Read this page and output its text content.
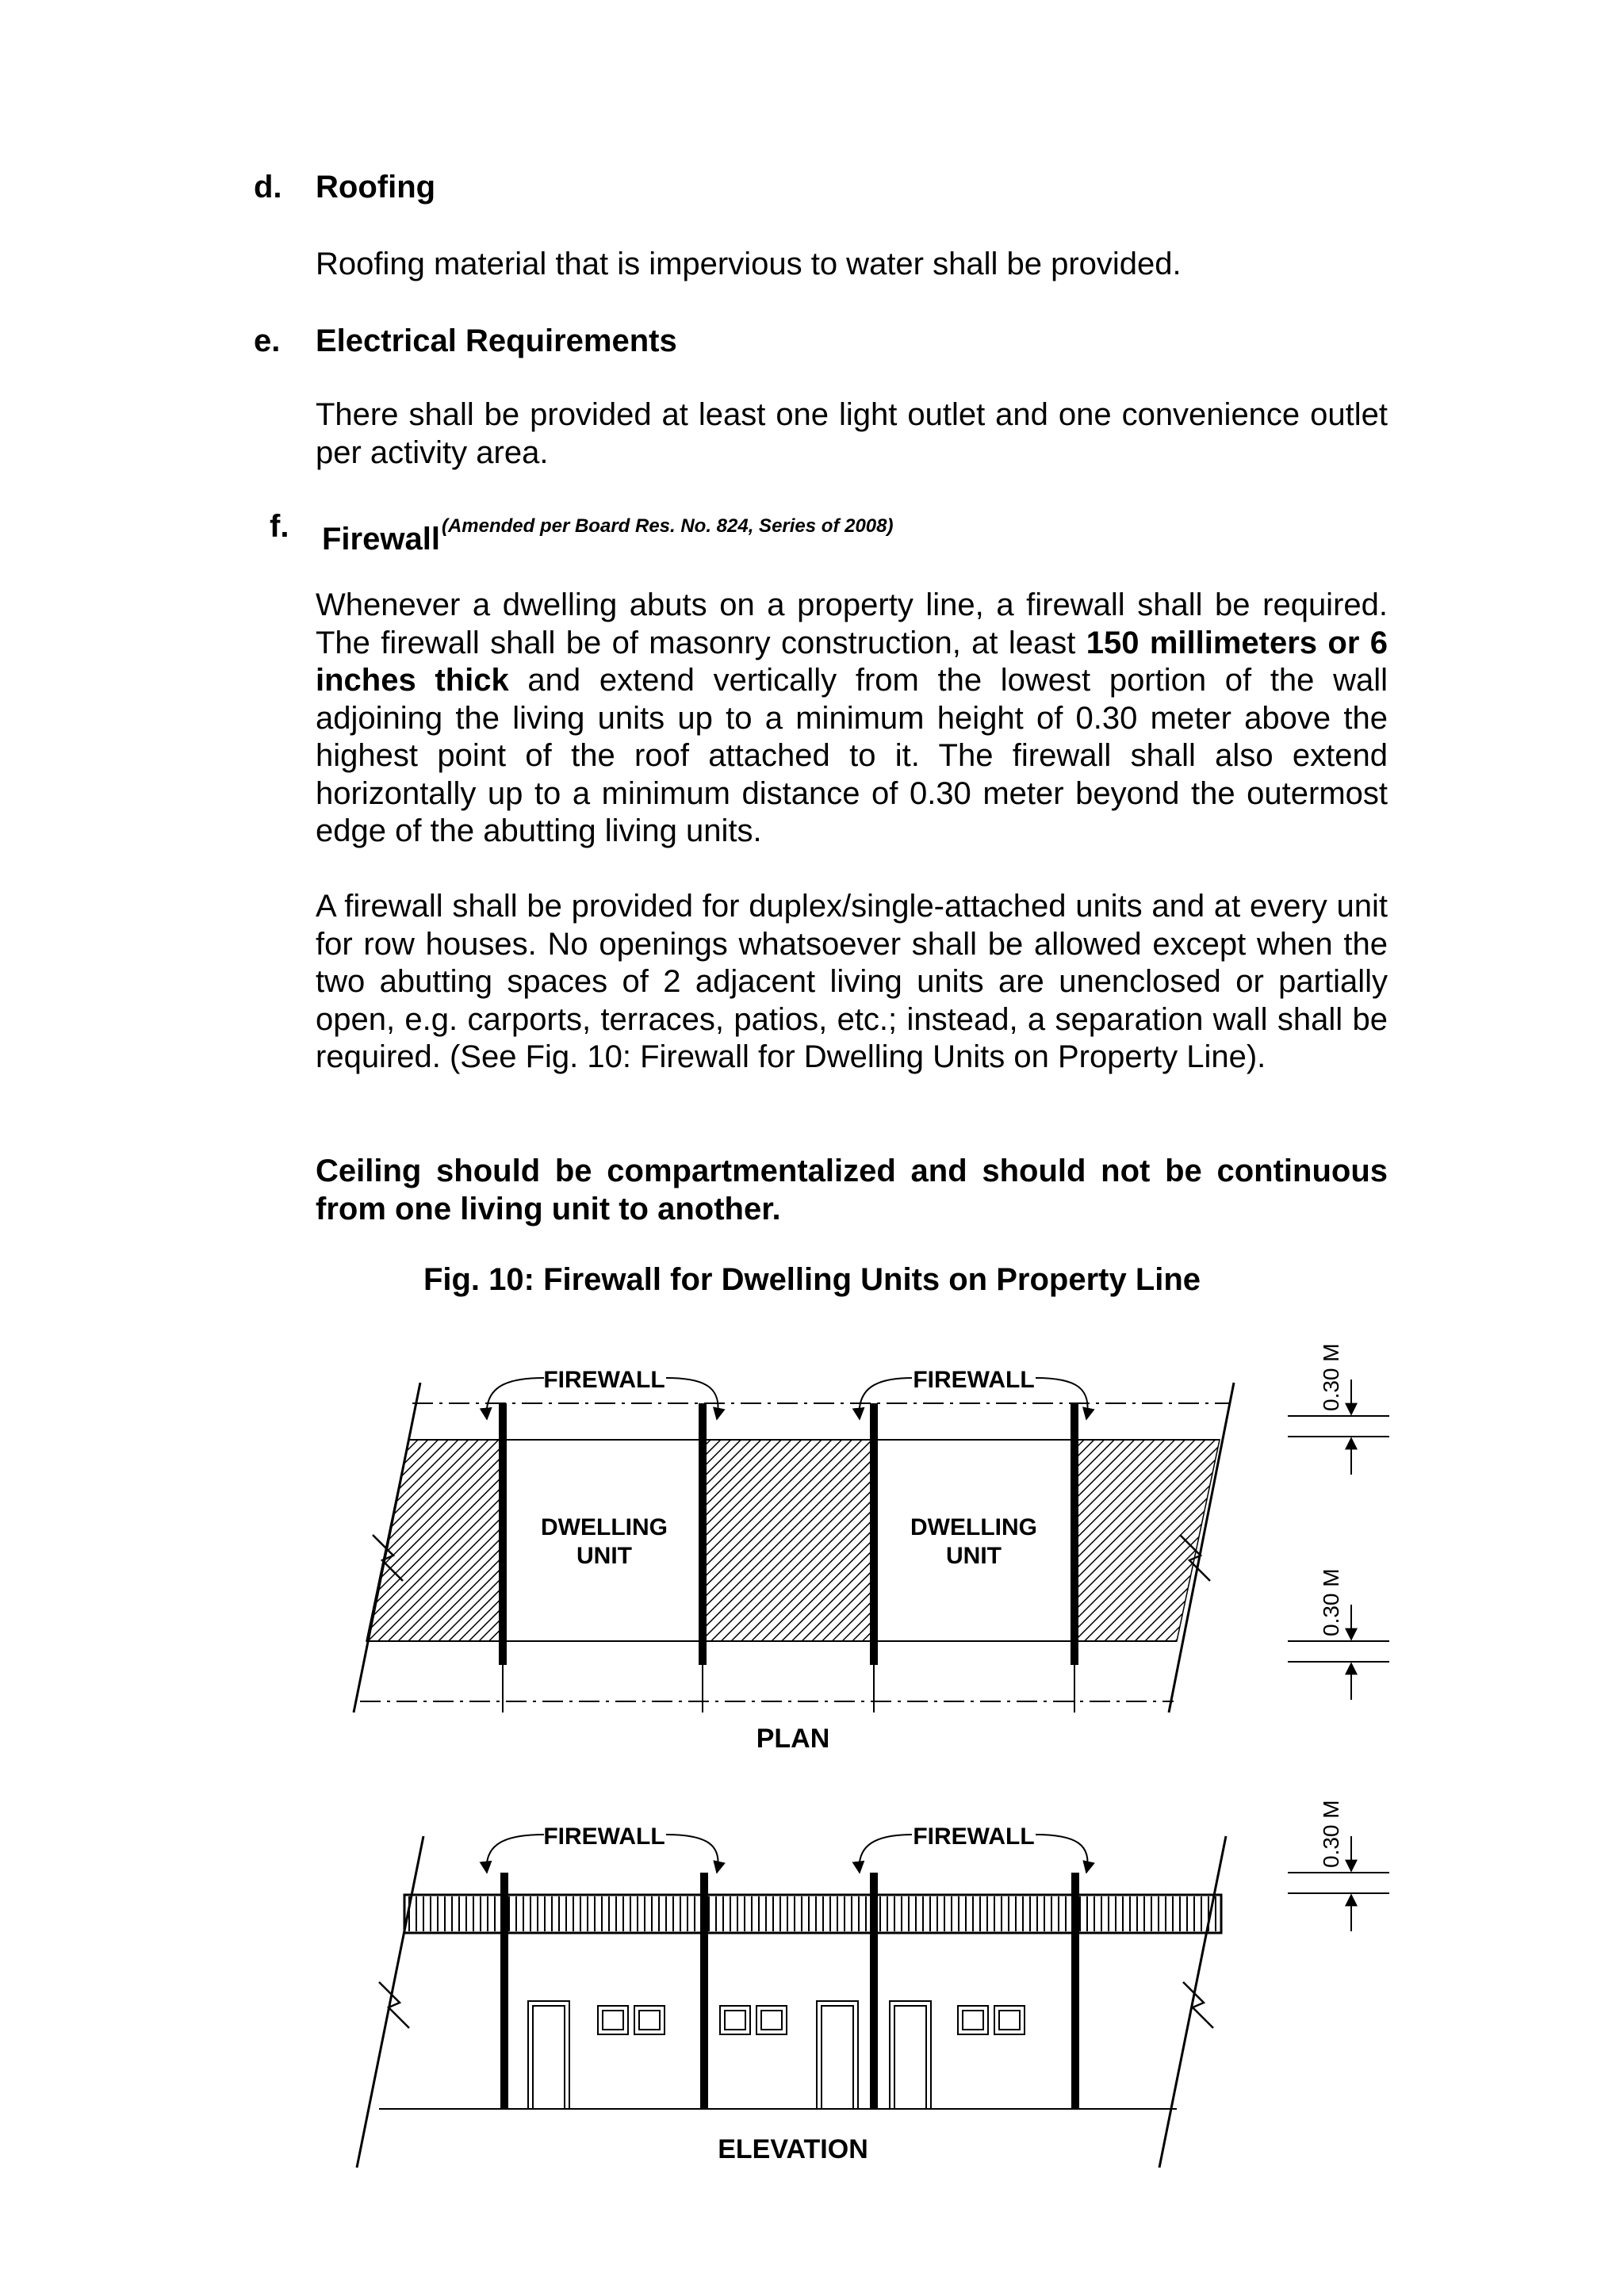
d. Roofing
Roofing material that is impervious to water shall be provided.
e. Electrical Requirements
There shall be provided at least one light outlet and one convenience outlet per activity area.
f. Firewall$^{(Amended per Board Res. No. 824, Series of 2008)}$
Whenever a dwelling abuts on a property line, a firewall shall be required. The firewall shall be of masonry construction, at least 150 millimeters or 6 inches thick and extend vertically from the lowest portion of the wall adjoining the living units up to a minimum height of 0.30 meter above the highest point of the roof attached to it. The firewall shall also extend horizontally up to a minimum distance of 0.30 meter beyond the outermost edge of the abutting living units.
A firewall shall be provided for duplex/single-attached units and at every unit for row houses. No openings whatsoever shall be allowed except when the two abutting spaces of 2 adjacent living units are unenclosed or partially open, e.g. carports, terraces, patios, etc.; instead, a separation wall shall be required. (See Fig. 10: Firewall for Dwelling Units on Property Line).
Ceiling should be compartmentalized and should not be continuous from one living unit to another.
Fig. 10: Firewall for Dwelling Units on Property Line
FIREWALL	FIREWALL
DWELLING
UNIT
DWELLING
UNIT
PLAN
0.30 M
0.30 M
0.30 M
FIREWALL	FIREWALL
ELEVATION
